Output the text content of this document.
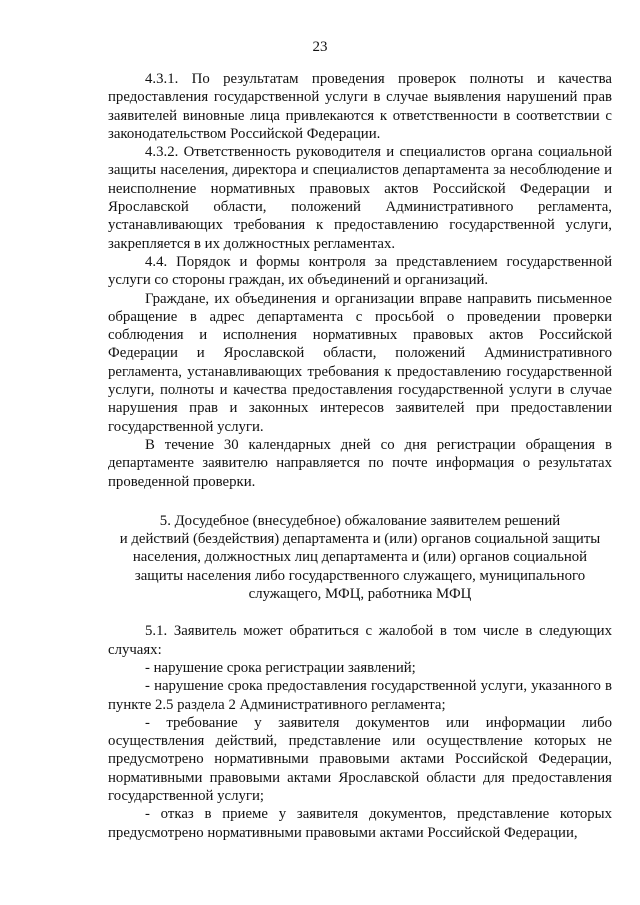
23

4.3.1. По результатам проведения проверок полноты и качества предоставления государственной услуги в случае выявления нарушений прав заявителей виновные лица привлекаются к ответственности в соответствии с законодательством Российской Федерации.

4.3.2. Ответственность руководителя и специалистов органа социальной защиты населения, директора и специалистов департамента за несоблюдение и неисполнение нормативных правовых актов Российской Федерации и Ярославской области, положений Административного регламента, устанавливающих требования к предоставлению государственной услуги, закрепляется в их должностных регламентах.

4.4. Порядок и формы контроля за представлением государственной услуги со стороны граждан, их объединений и организаций.

Граждане, их объединения и организации вправе направить письменное обращение в адрес департамента с просьбой о проведении проверки соблюдения и исполнения нормативных правовых актов Российской Федерации и Ярославской области, положений Административного регламента, устанавливающих требования к предоставлению государственной услуги, полноты и качества предоставления государственной услуги в случае нарушения прав и законных интересов заявителей при предоставлении государственной услуги.

В течение 30 календарных дней со дня регистрации обращения в департаменте заявителю направляется по почте информация о результатах проведенной проверки.

5. Досудебное (внесудебное) обжалование заявителем решений
и действий (бездействия) департамента и (или) органов социальной защиты
населения, должностных лиц департамента и (или) органов социальной
защиты населения либо государственного служащего, муниципального
служащего, МФЦ, работника МФЦ

5.1. Заявитель может обратиться с жалобой в том числе в следующих случаях:

- нарушение срока регистрации заявлений;

- нарушение срока предоставления государственной услуги, указанного в пункте 2.5 раздела 2 Административного регламента;

- требование у заявителя документов или информации либо осуществления действий, представление или осуществление которых не предусмотрено нормативными правовыми актами Российской Федерации, нормативными правовыми актами Ярославской области для предоставления государственной услуги;

- отказ в приеме у заявителя документов, представление которых предусмотрено нормативными правовыми актами Российской Федерации,
